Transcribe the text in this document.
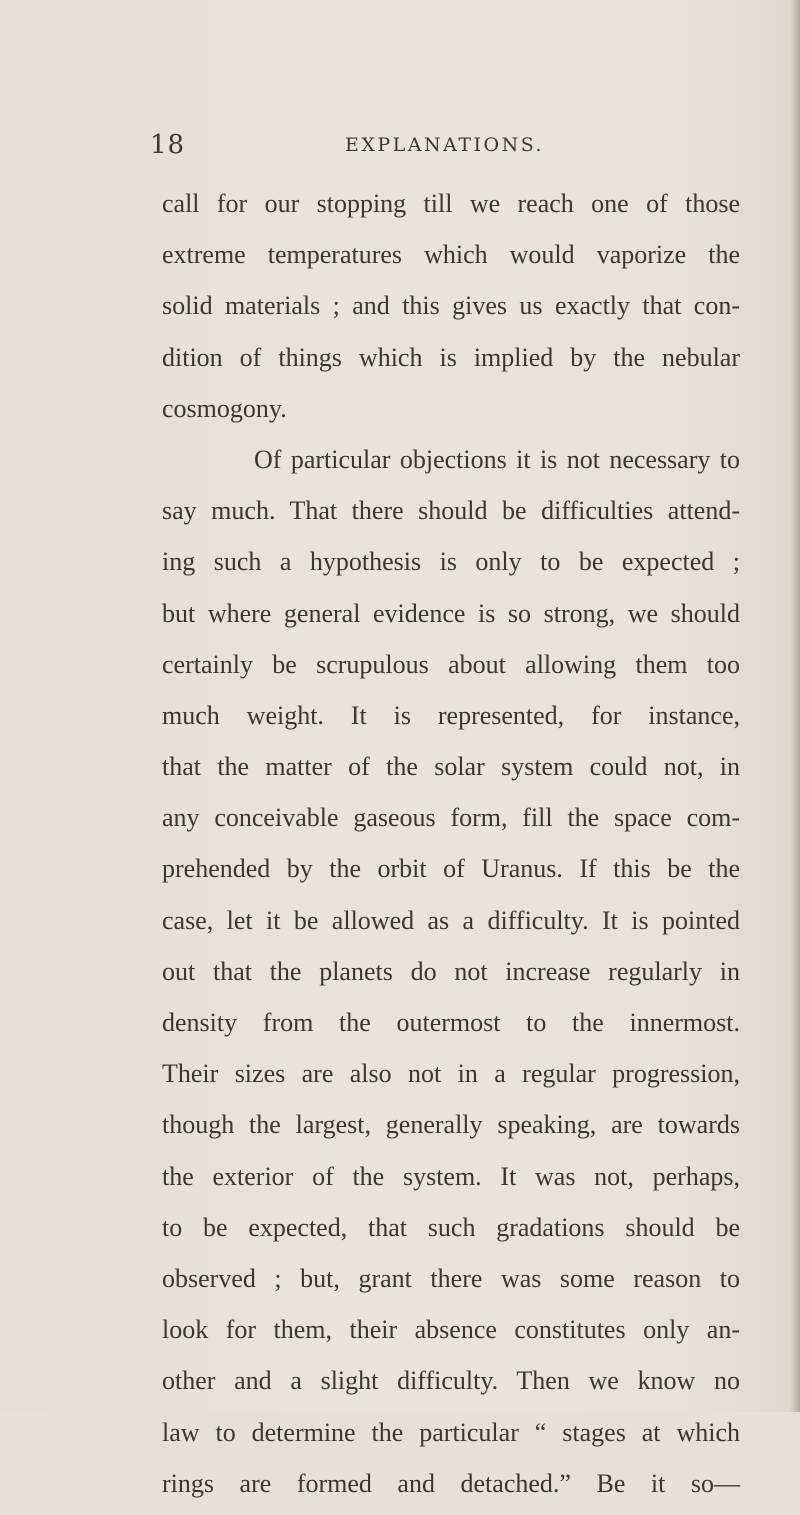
18	EXPLANATIONS.
call for our stopping till we reach one of those
extreme temperatures which would vaporize the
solid materials ; and this gives us exactly that con-
dition of things which is implied by the nebular
cosmogony.
Of particular objections it is not necessary to
say much. That there should be difficulties attend-
ing such a hypothesis is only to be expected ;
but where general evidence is so strong, we should
certainly be scrupulous about allowing them too
much weight. It is represented, for instance,
that the matter of the solar system could not, in
any conceivable gaseous form, fill the space com-
prehended by the orbit of Uranus. If this be the
case, let it be allowed as a difficulty. It is pointed
out that the planets do not increase regularly in
density from the outermost to the innermost.
Their sizes are also not in a regular progression,
though the largest, generally speaking, are towards
the exterior of the system. It was not, perhaps,
to be expected, that such gradations should be
observed ; but, grant there was some reason to
look for them, their absence constitutes only an-
other and a slight difficulty. Then we know no
law to determine the particular “ stages at which
rings are formed and detached.” Be it so—
